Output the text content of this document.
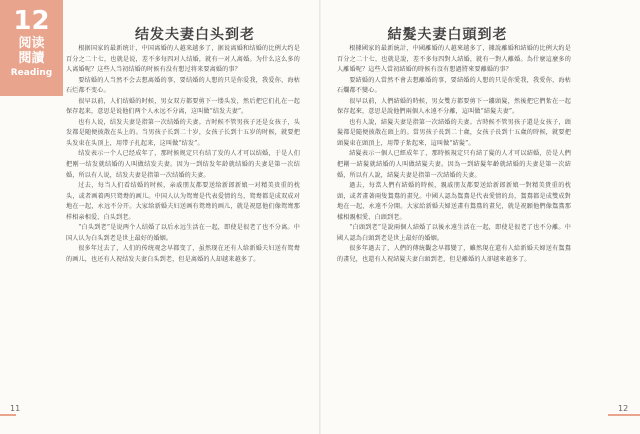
12
阅读
閱讀
Reading
结发夫妻白头到老

根据国家的最新统计，中国离婚的人越来越多了，据说离婚和结婚的比例大约是百分之二十七，也就是说，差不多每四对人结婚，就有一对人离婚。为什么这么多的人离婚呢？这些人当初结婚的时候有没有想过将来要离婚的事？

要结婚的人当然不会去想离婚的事，要结婚的人想的只是你爱我，我爱你，海枯石烂都不变心。

很早以前，人们结婚的时候，男女双方都要剪下一缕头发，然后把它们扎在一起保存起来，意思是说他们两个人永远不分离，这叫做“结发夫妻”。

也有人说，结发夫妻是指第一次结婚的夫妻。古时候不管男孩子还是女孩子，头发都是随便披散在头上的。当男孩子长到二十岁，女孩子长到十五岁的时候，就要把头发束在头顶上，用带子扎起来，这叫做“结发”。

结发表示一个人已经成年了，那时候规定只有结了发的人才可以结婚，于是人们把刚一结发就结婚的人叫做结发夫妻。因为一到结发年龄就结婚的夫妻是第一次结婚，所以有人说，结发夫妻是指第一次结婚的夫妻。

过去，每当人们看结婚的时候，亲戚朋友都要送给新郎新娘一对精美贵重的枕头，或者画着两只鸳鸯的画儿。中国人认为鸳鸯是代表爱情的鸟，鸳鸯都是成双成对地在一起，永远不分开。大家给新婚夫妇送画有鸳鸯的画儿，就是祝愿他们像鸳鸯那样相亲相爱、白头到老。

“白头到老”是说两个人结婚了以后永远生活在一起，即使是很老了也不分离。中国人认为白头到老是世上最好的婚姻。

很多年过去了，人们的传统观念早都变了，虽然现在还有人给新婚夫妇送有鸳鸯的画儿，也还有人祝结发夫妻白头到老，但是离婚的人却越来越多了。

結髮夫妻白頭到老

根據國家的最新統計，中國離婚的人越來越多了，據說離婚和結婚的比例大約是百分之二十七，也就是說，差不多每四對人結婚，就有一對人離婚。為什麼這麼多的人離婚呢？這些人當初結婚的時候有沒有想過將來要離婚的事？

要結婚的人當然不會去想離婚的事，要結婚的人想的只是你愛我，我愛你，海枯石爛都不變心。

很早以前，人們結婚的時候，男女雙方都要剪下一縷頭髮，然後把它們紮在一起保存起來，意思是說他們兩個人永遠不分離，這叫做“結髮夫妻”。

也有人說，結髮夫妻是指第一次結婚的夫妻。古時候不管男孩子還是女孩子，頭髮都是隨便披散在頭上的。當男孩子長到二十歲，女孩子長到十五歲的時候，就要把頭髮束在頭頂上，用帶子紮起來，這叫做“結髮”。

結髮表示一個人已經成年了，那時候規定只有結了髮的人才可以結婚，於是人們把剛一結髮就結婚的人叫做結髮夫妻。因為一到結髮年齡就結婚的夫妻是第一次結婚，所以有人說，結髮夫妻是指第一次結婚的夫妻。

過去，每當人們有結婚的時候，親戚朋友都要送給新郎新娘一對精美貴重的枕頭，或者畫著兩隻鴛鴦的畫兒。中國人認為鴛鴦是代表愛情的鳥，鴛鴦都是成雙成對地在一起，永遠不分開。大家給新婚夫婦送畫有鴛鴦的畫兒，就是祝願他們像鴛鴦那樣相親相愛、白頭到老。

“白頭到老”是說兩個人結婚了以後永遠生活在一起，即使是很老了也不分離。中國人認為白頭到老是世上最好的婚姻。

很多年過去了，人們的傳統觀念早都變了，雖然現在還有人給新婚夫婦送有鴛鴦的畫兒，也還有人祝結髮夫妻白頭到老，但是離婚的人卻越來越多了。

11	12
